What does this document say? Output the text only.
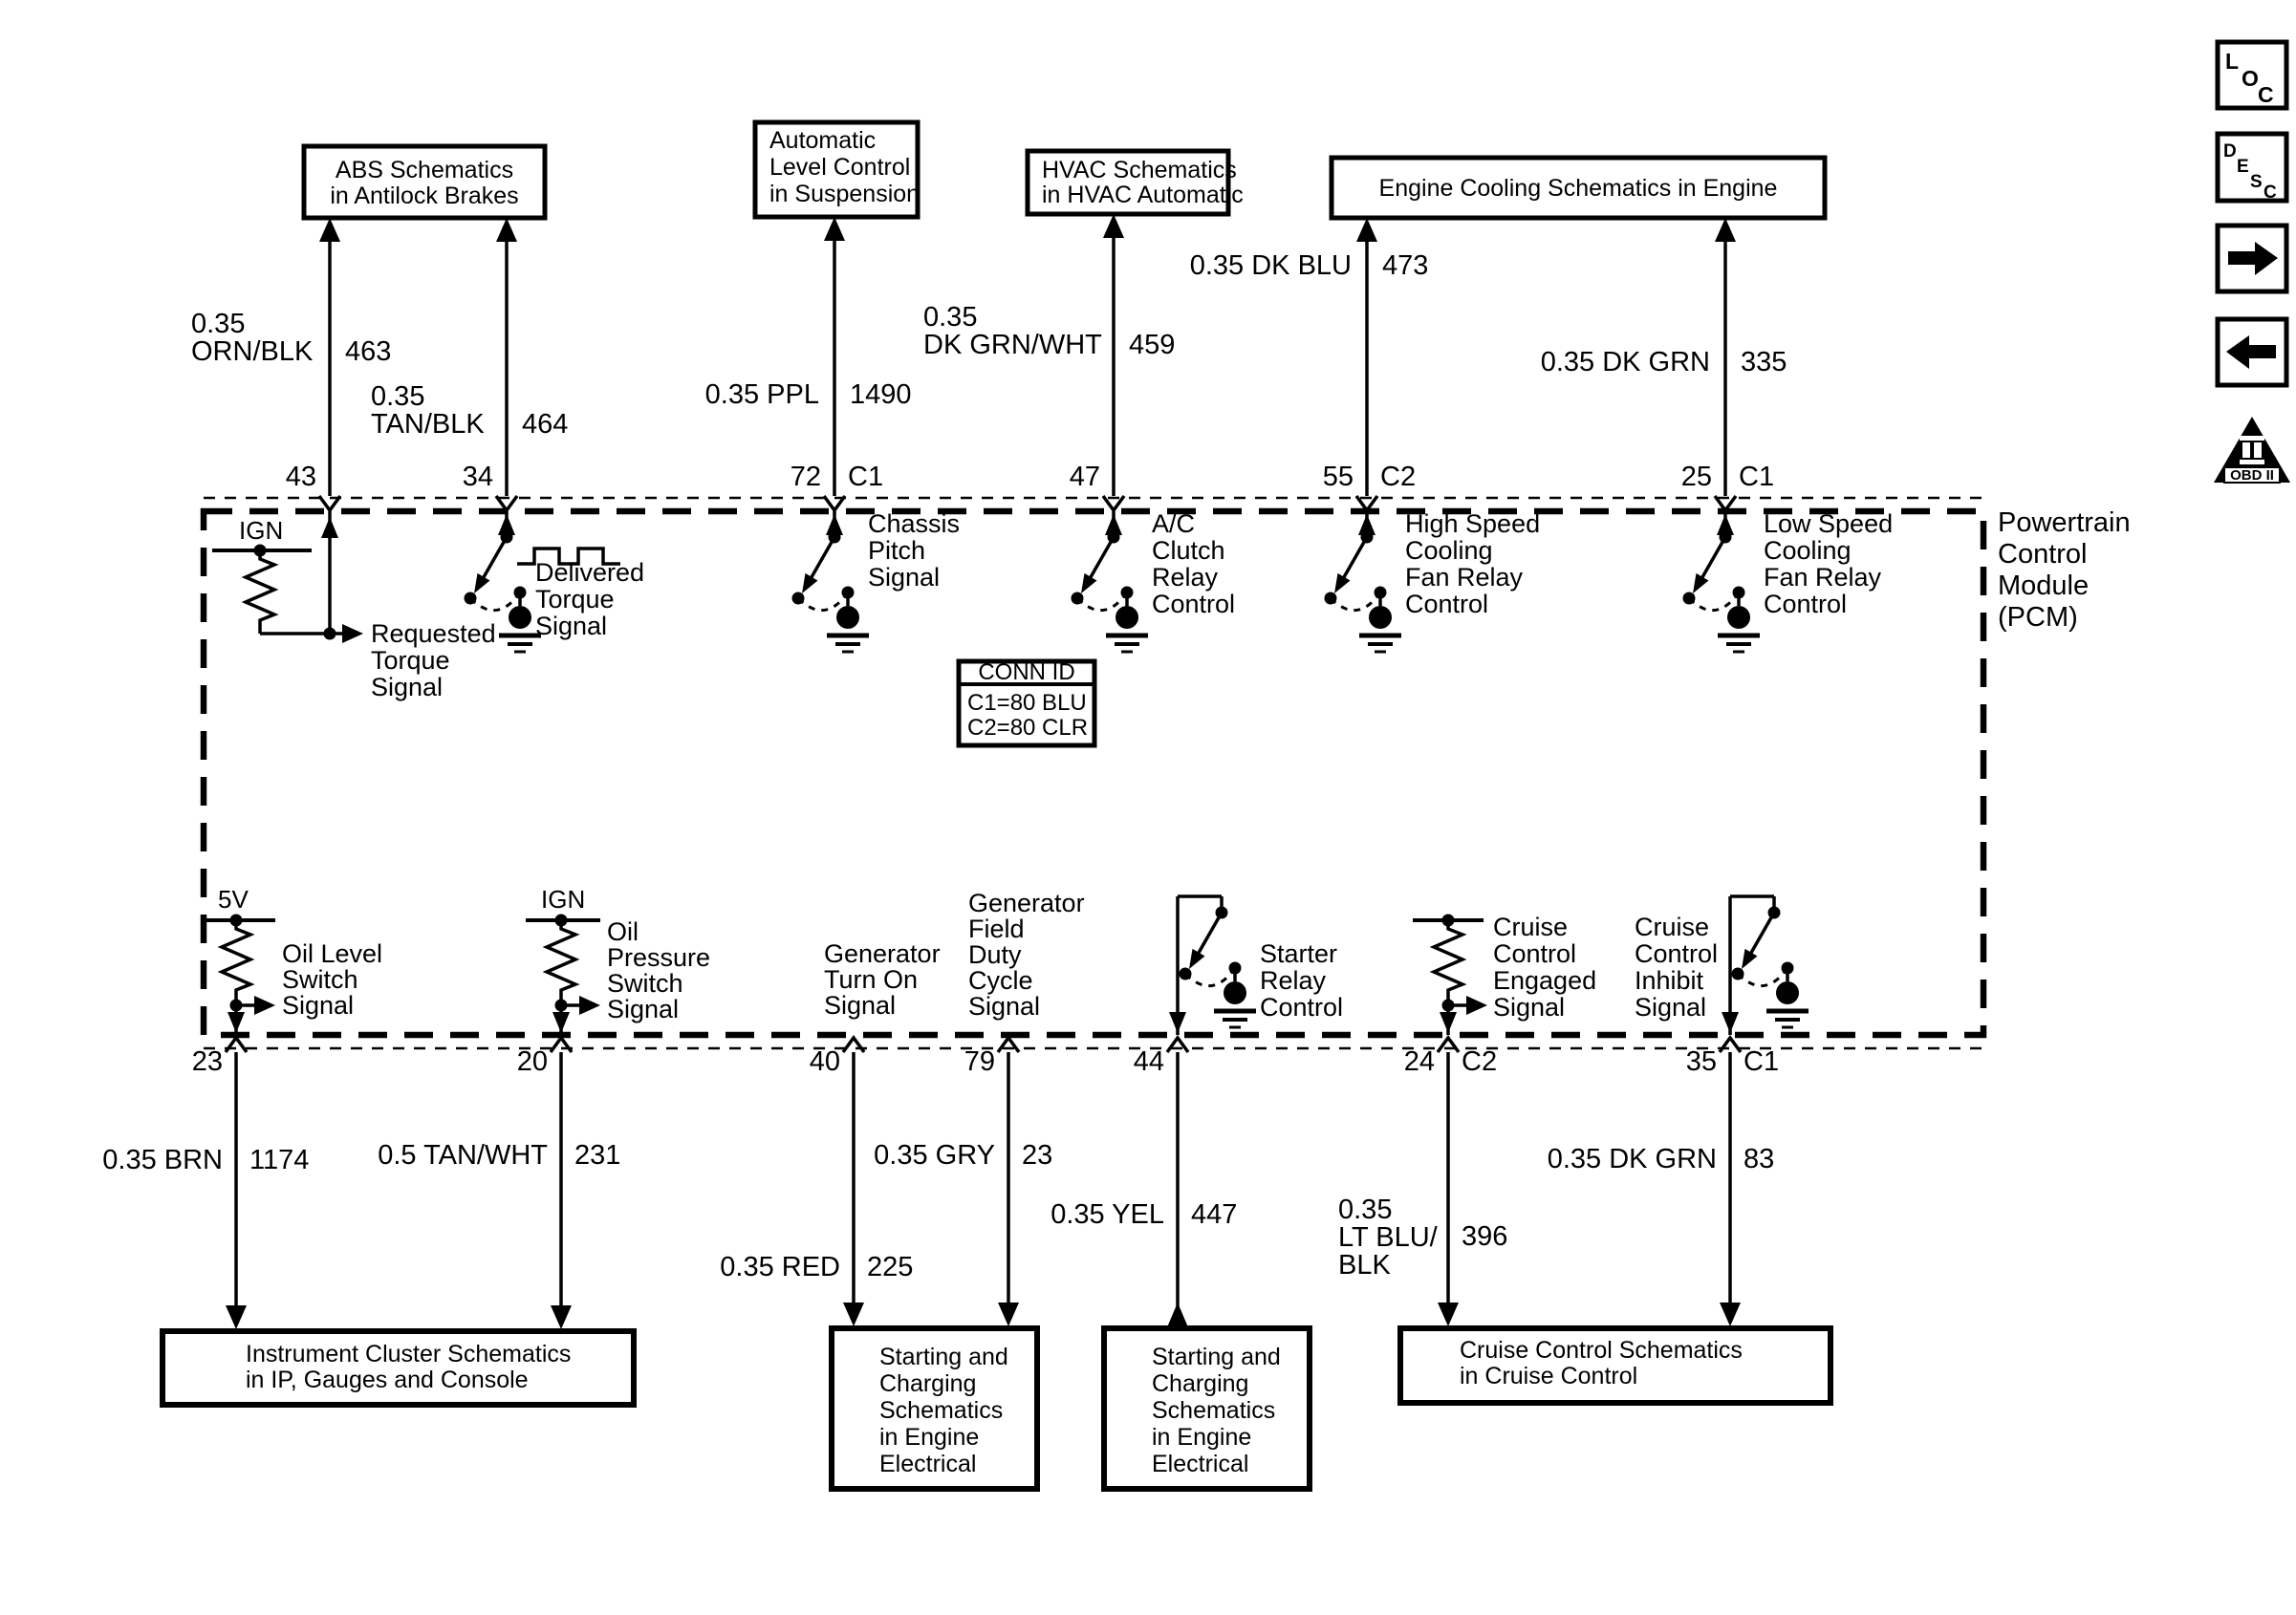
ABS Schematics in Antilock Brakes
Automatic Level Control in Suspension
HVAC Schematics in HVAC Automatic	Engine Cooling Schematics in Engine
0.35 ORN/BLK 463
43
0.35 TAN/BLK 464
34
0.35 PPL 1490
72 C1
0.35 DK GRN/WHT 459
47
0.35 DK BLU 473
55 C2
0.35 DK GRN 335
25 C1
Powertrain Control Module (PCM)
IGN
Requested Torque Signal
Delivered Torque Signal
Chassis Pitch Signal
A/C Clutch Relay Control
High Speed Cooling Fan Relay Control
Low Speed Cooling Fan Relay Control
CONN ID
C1=80 BLU
C2=80 CLR
5V
Oil Level Switch Signal
IGN
Oil Pressure Switch Signal
Generator Turn On Signal
Generator Field Duty Cycle Signal
Starter Relay Control
Cruise Control Engaged Signal
Cruise Control Inhibit Signal
0.35 BRN 1174
23
0.5 TAN/WHT 231
20
0.35 RED 225
40
0.35 GRY 23
79
0.35 YEL 447
44
0.35 LT BLU/ BLK
396
24 C2
0.35 DK GRN 83
35 C1
Instrument Cluster Schematics in IP, Gauges and Console
Starting and Charging Schematics in Engine Electrical
Starting and Charging Schematics in Engine Electrical
Cruise Control Schematics in Cruise Control
L
O
C
D
E
S
C
OBD II
